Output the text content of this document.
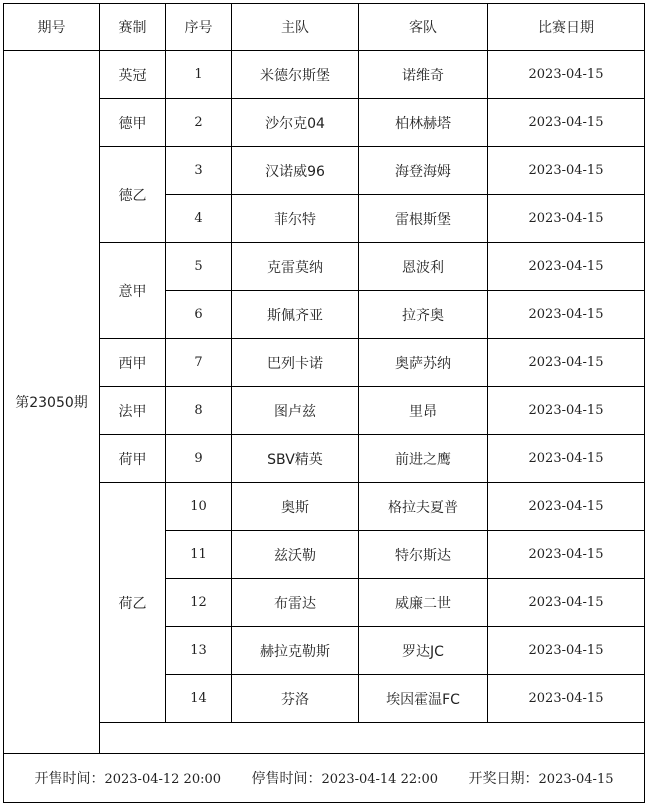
期号	赛制	序号	主队	客队	比赛日期
第23050期	英冠	1	米德尔斯堡	诺维奇	2023-04-15
	德甲	2	沙尔克04	柏林赫塔	2023-04-15
	德乙	3	汉诺威96	海登海姆	2023-04-15
		4	菲尔特	雷根斯堡	2023-04-15
	意甲	5	克雷莫纳	恩波利	2023-04-15
		6	斯佩齐亚	拉齐奥	2023-04-15
	西甲	7	巴列卡诺	奥萨苏纳	2023-04-15
	法甲	8	图卢兹	里昂	2023-04-15
	荷甲	9	SBV精英	前进之鹰	2023-04-15
	荷乙	10	奥斯	格拉夫夏普	2023-04-15
		11	兹沃勒	特尔斯达	2023-04-15
		12	布雷达	威廉二世	2023-04-15
		13	赫拉克勒斯	罗达JC	2023-04-15
		14	芬洛	埃因霍温FC	2023-04-15

开售时间：2023-04-12 20:00 停售时间：2023-04-14 22:00 开奖日期：2023-04-15					
